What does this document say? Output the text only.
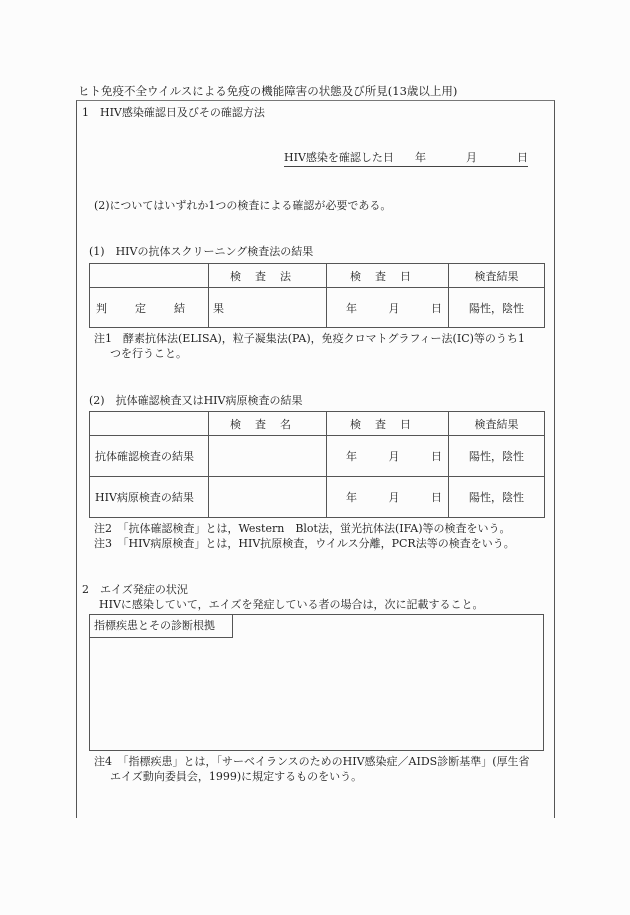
ヒト免疫不全ウイルスによる免疫の機能障害の状態及び所見(13歳以上用)
1　HIV感染確認日及びその確認方法
HIV感染を確認した日 年	月	日
(2)についてはいずれか1つの検査による確認が必要である。
(1)　HIVの抗体スクリーニング検査法の結果
	検査法	検査日	検査結果
判定結果		年 月 日	陽性，陰性
注1　酵素抗体法(ELISA)，粒子凝集法(PA)，免疫クロマトグラフィー法(IC)等のうち1
つを行うこと。
(2)　抗体確認検査又はHIV病原検査の結果
	検査名	検査日	検査結果
抗体確認検査の結果		年 月 日	陽性，陰性
HIV病原検査の結果		年 月 日	陽性，陰性
注2　「抗体確認検査」とは，Western　Blot法，蛍光抗体法(IFA)等の検査をいう。
注3　「HIV病原検査」とは，HIV抗原検査，ウイルス分離，PCR法等の検査をいう。
2　エイズ発症の状況
HIVに感染していて，エイズを発症している者の場合は，次に記載すること。
指標疾患とその診断根拠
注4　「指標疾患」とは，「サーベイランスのためのHIV感染症／AIDS診断基準」(厚生省
エイズ動向委員会，1999)に規定するものをいう。
